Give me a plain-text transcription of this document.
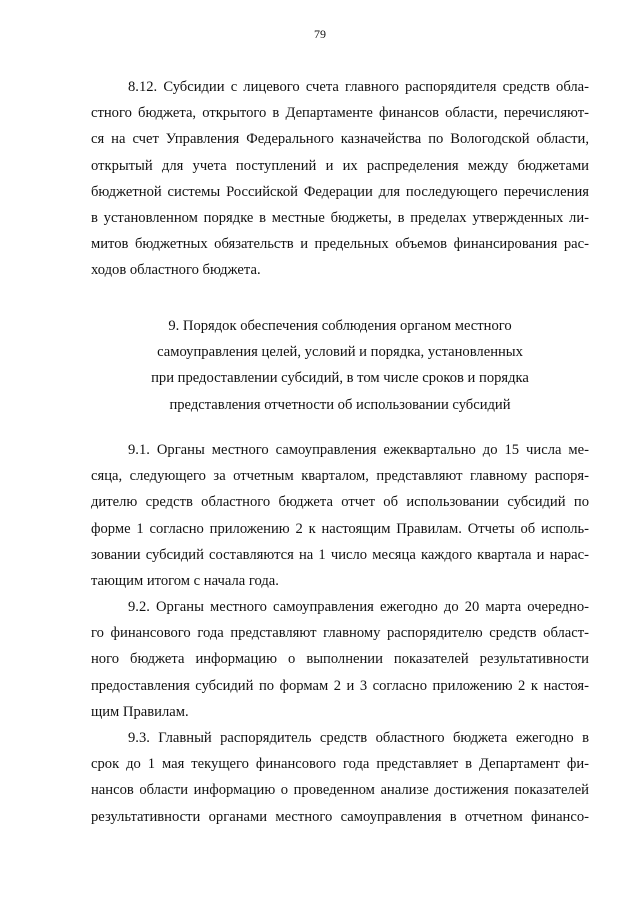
79

8.12. Субсидии с лицевого счета главного распорядителя средств обла-
стного бюджета, открытого в Департаменте финансов области, перечисляют-
ся на счет Управления Федерального казначейства по Вологодской области,
открытый для учета поступлений и их распределения между бюджетами
бюджетной системы Российской Федерации для последующего перечисления
в установленном порядке в местные бюджеты, в пределах утвержденных ли-
митов бюджетных обязательств и предельных объемов финансирования рас-
ходов областного бюджета.

9. Порядок обеспечения соблюдения органом местного
самоуправления целей, условий и порядка, установленных
при предоставлении субсидий, в том числе сроков и порядка
представления отчетности об использовании субсидий

9.1. Органы местного самоуправления ежеквартально до 15 числа ме-
сяца, следующего за отчетным кварталом, представляют главному распоря-
дителю средств областного бюджета отчет об использовании субсидий по
форме 1 согласно приложению 2 к настоящим Правилам. Отчеты об исполь-
зовании субсидий составляются на 1 число месяца каждого квартала и нарас-
тающим итогом с начала года.

9.2. Органы местного самоуправления ежегодно до 20 марта очередно-
го финансового года представляют главному распорядителю средств област-
ного бюджета информацию о выполнении показателей результативности
предоставления субсидий по формам 2 и 3 согласно приложению 2 к настоя-
щим Правилам.

9.3. Главный распорядитель средств областного бюджета ежегодно в
срок до 1 мая текущего финансового года представляет в Департамент фи-
нансов области информацию о проведенном анализе достижения показателей
результативности органами местного самоуправления в отчетном финансо-
